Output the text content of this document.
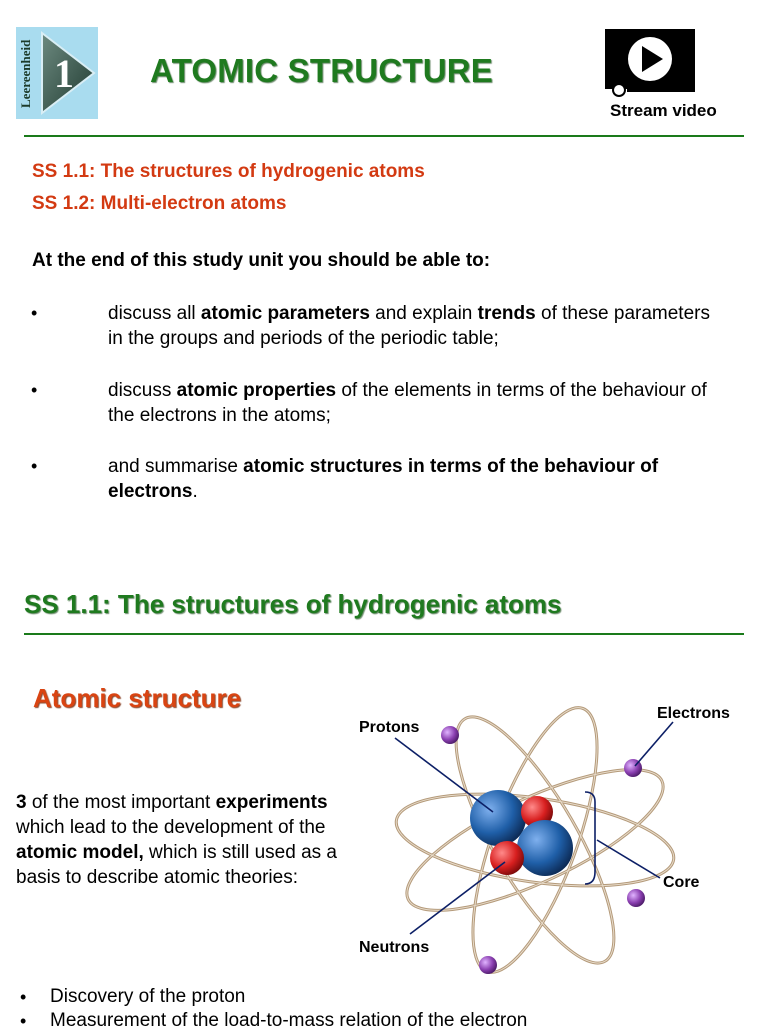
Leereenheid 1 ATOMIC STRUCTURE
Stream video
SS 1.1: The structures of hydrogenic atoms
SS 1.2: Multi-electron atoms
At the end of this study unit you should be able to:
•	discuss all atomic parameters and explain trends of these parameters in the groups and periods of the periodic table;
•	discuss atomic properties of the elements in terms of the behaviour of the electrons in the atoms;
•	and summarise atomic structures in terms of the behaviour of electrons.
SS 1.1: The structures of hydrogenic atoms
Atomic structure
3 of the most important experiments which lead to the development of the atomic model, which is still used as a basis to describe atomic theories:
Protons
Electrons
Core
Neutrons
• Discovery of the proton
• Measurement of the load-to-mass relation of the electron
